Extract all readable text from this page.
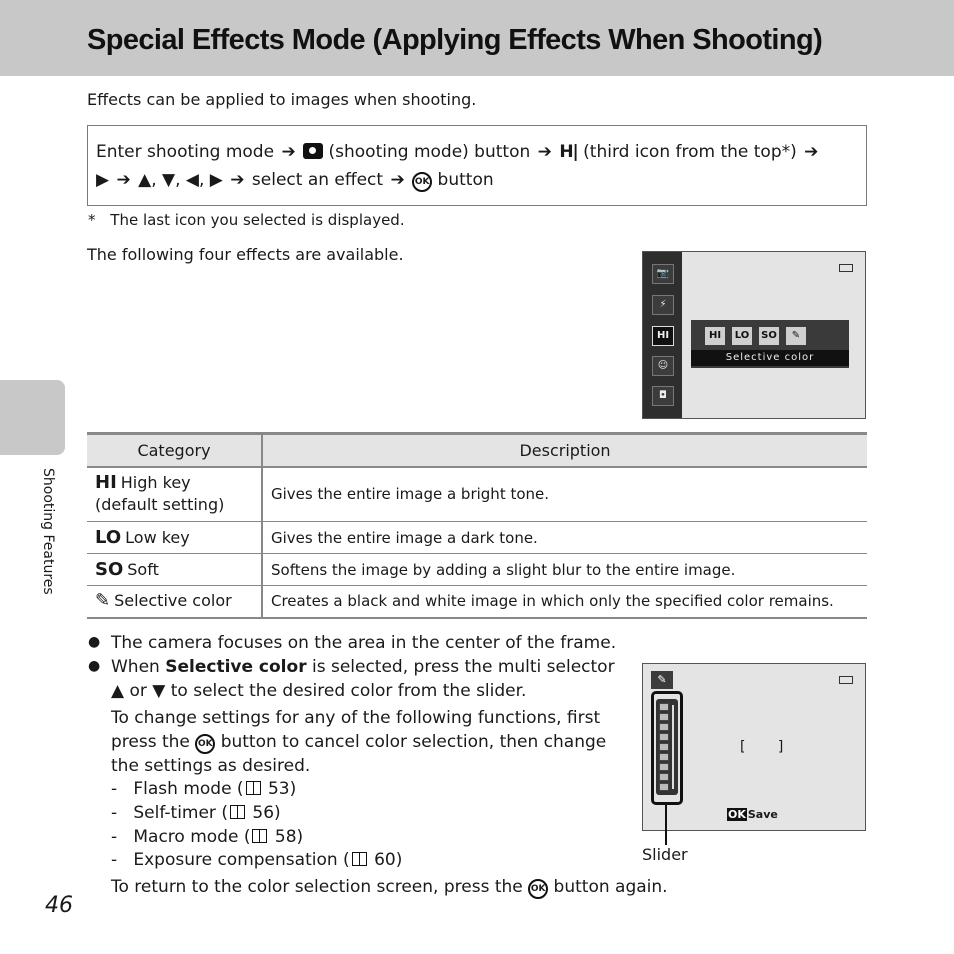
Special Effects Mode (Applying Effects When Shooting)
Effects can be applied to images when shooting.
Enter shooting mode ➔ (shooting mode) button ➔ H| (third icon from the top*) ➔
▶ ➔ ▲, ▼, ◀, ▶ ➔ select an effect ➔ OK button
* The last icon you selected is displayed.
The following four effects are available.
📷
⚡
HI
☺
◘
HI	LO SO	✎
Selective color
Category	Description
HI High key
(default setting)	Gives the entire image a bright tone.
LO Low key	Gives the entire image a dark tone.
SO Soft	Softens the image by adding a slight blur to the entire image.
✎ Selective color	Creates a black and white image in which only the specified color remains.
● The camera focuses on the area in the center of the frame.
● When Selective color is selected, press the multi selector
▲ or ▼ to select the desired color from the slider.
To change settings for any of the following functions, first
press the OK button to cancel color selection, then change
the settings as desired.
-   Flash mode ( 53)
-   Self-timer ( 56)
-   Macro mode ( 58)
-   Exposure compensation ( 60)
To return to the color selection screen, press the OK button again.
✎
[ ]
OK Save
Slider
Shooting Features
46
